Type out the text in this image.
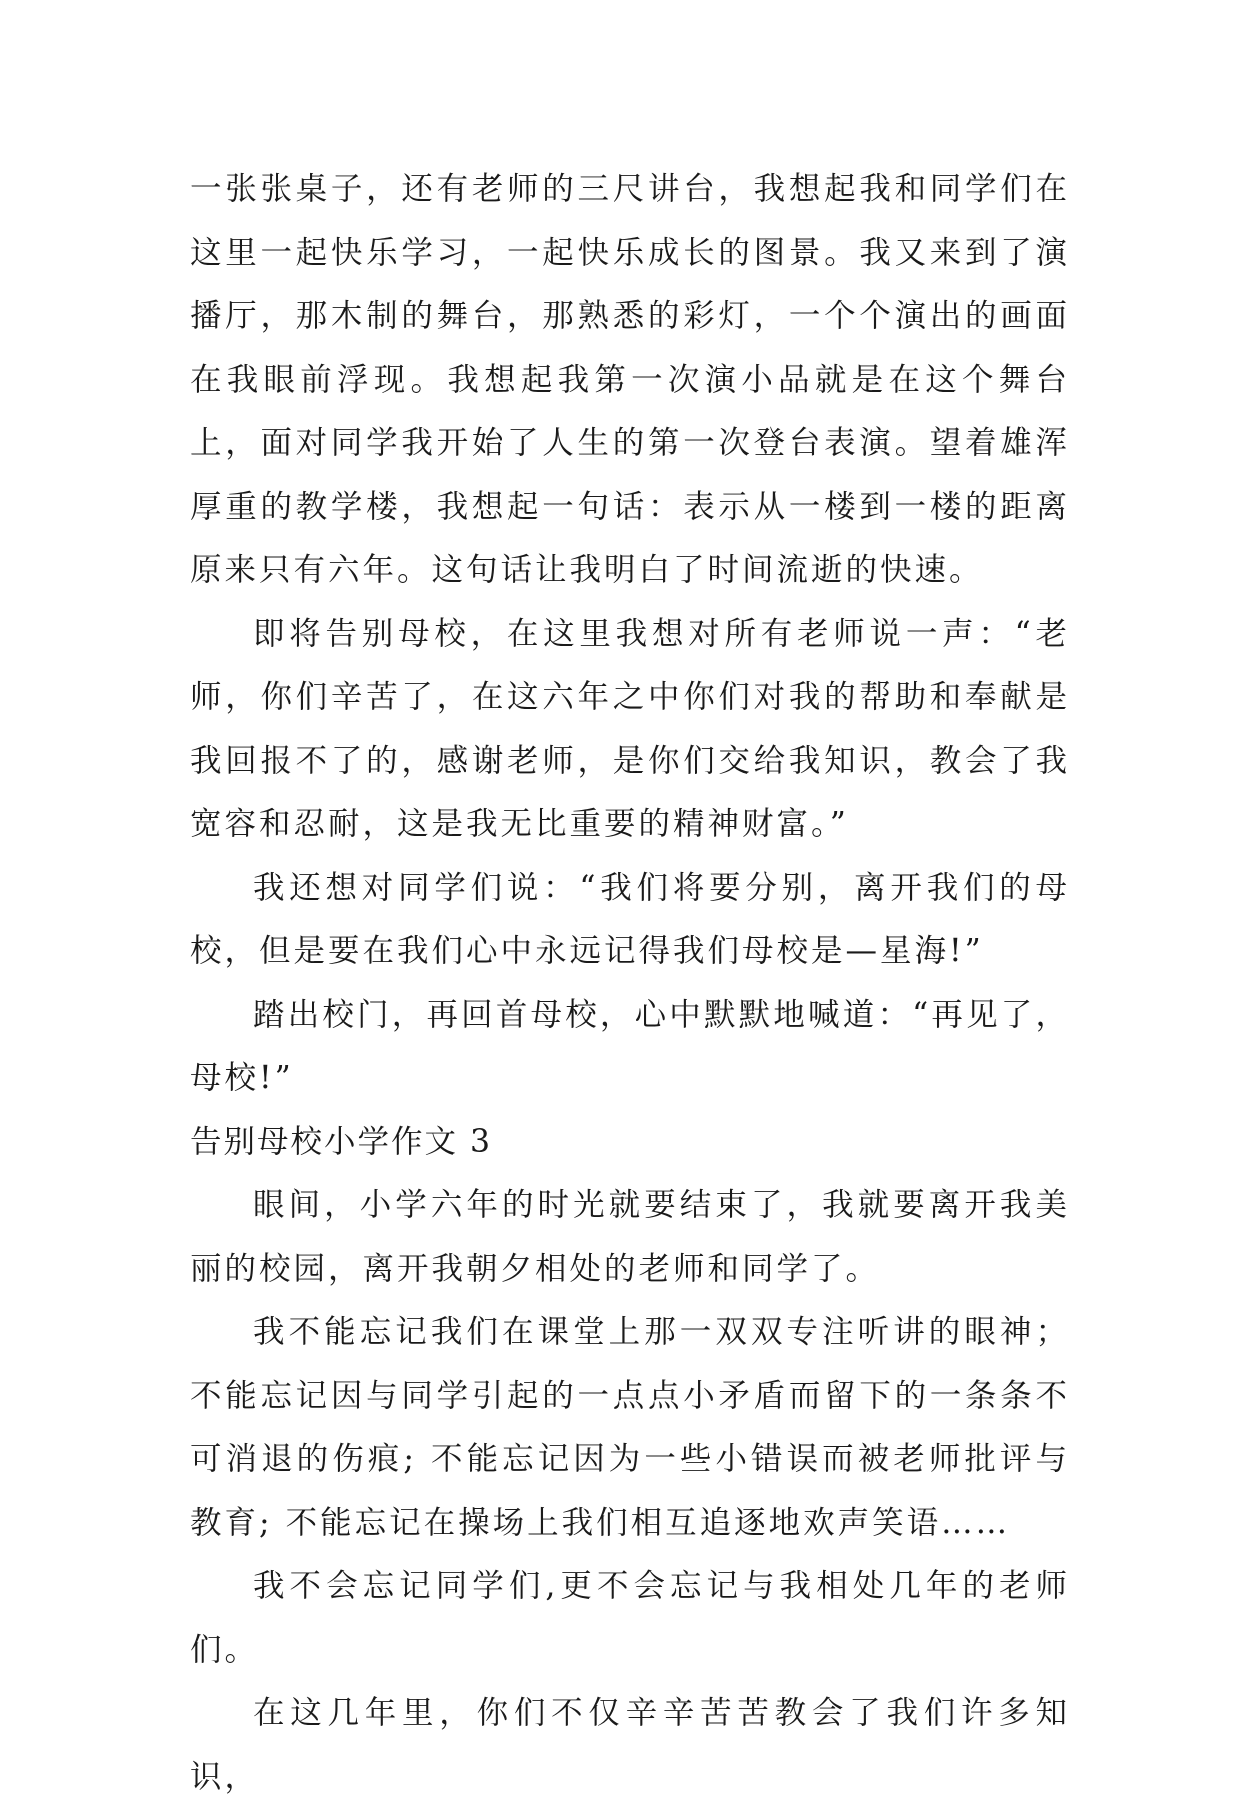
一张张桌子，还有老师的三尺讲台，我想起我和同学们在这里一起快乐学习，一起快乐成长的图景。我又来到了演播厅，那木制的舞台，那熟悉的彩灯，一个个演出的画面在我眼前浮现。我想起我第一次演小品就是在这个舞台上，面对同学我开始了人生的第一次登台表演。望着雄浑厚重的教学楼，我想起一句话：表示从一楼到一楼的距离原来只有六年。这句话让我明白了时间流逝的快速。

即将告别母校，在这里我想对所有老师说一声：“老师，你们辛苦了，在这六年之中你们对我的帮助和奉献是我回报不了的，感谢老师，是你们交给我知识，教会了我宽容和忍耐，这是我无比重要的精神财富。”

我还想对同学们说：“我们将要分别，离开我们的母校，但是要在我们心中永远记得我们母校是—星海!”

踏出校门，再回首母校，心中默默地喊道：“再见了，母校!”

告别母校小学作文 3

眼间，小学六年的时光就要结束了，我就要离开我美丽的校园，离开我朝夕相处的老师和同学了。

我不能忘记我们在课堂上那一双双专注听讲的眼神；不能忘记因与同学引起的一点点小矛盾而留下的一条条不可消退的伤痕; 不能忘记因为一些小错误而被老师批评与教育; 不能忘记在操场上我们相互追逐地欢声笑语……

我不会忘记同学们,更不会忘记与我相处几年的老师们。

在这几年里，你们不仅辛辛苦苦教会了我们许多知识，
